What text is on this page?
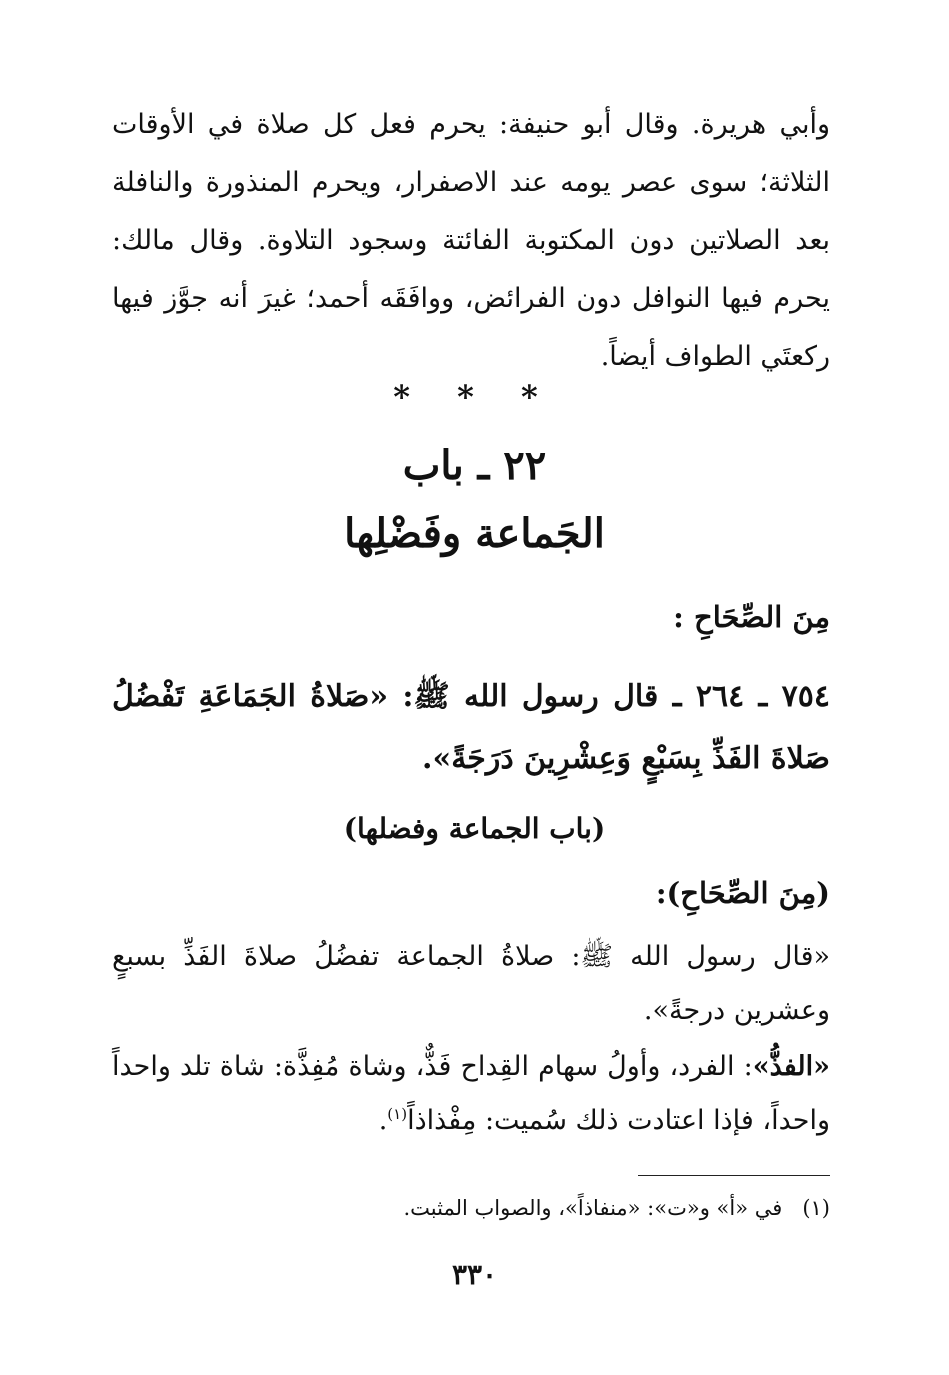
وأبي هريرة. وقال أبو حنيفة: يحرم فعل كل صلاة في الأوقات الثلاثة؛ سوى عصر يومه عند الاصفرار، ويحرم المنذورة والنافلة بعد الصلاتين دون المكتوبة الفائتة وسجود التلاوة. وقال مالك: يحرم فيها النوافل دون الفرائض، ووافَقَه أحمد؛ غيرَ أنه جوَّز فيها ركعتَي الطواف أيضاً.
* * *
٢٢ ـ باب
الجَماعة وفَضْلِها
مِنَ الصِّحَاحِ :
٧٥٤ ـ ٢٦٤ ـ قال رسول الله ﷺ: «صَلاةُ الجَمَاعَةِ تَفْضُلُ صَلاةَ الفَذِّ بِسَبْعٍ وَعِشْرِينَ دَرَجَةً».
(باب الجماعة وفضلها)
(مِنَ الصِّحَاحِ):
«قال رسول الله ﷺ: صلاةُ الجماعة تفضُلُ صلاةَ الفَذِّ بسبعٍ وعشرين درجةً».
«الفذُّ»: الفرد، وأولُ سهام القِداح فَذٌّ، وشاة مُفِذَّة: شاة تلد واحداً واحداً، فإذا اعتادت ذلك سُميت: مِفْذاذاً$^{(١)}$.
(١)   في «أ» و«ت»: «منفاذاً»، والصواب المثبت.
٣٣٠
